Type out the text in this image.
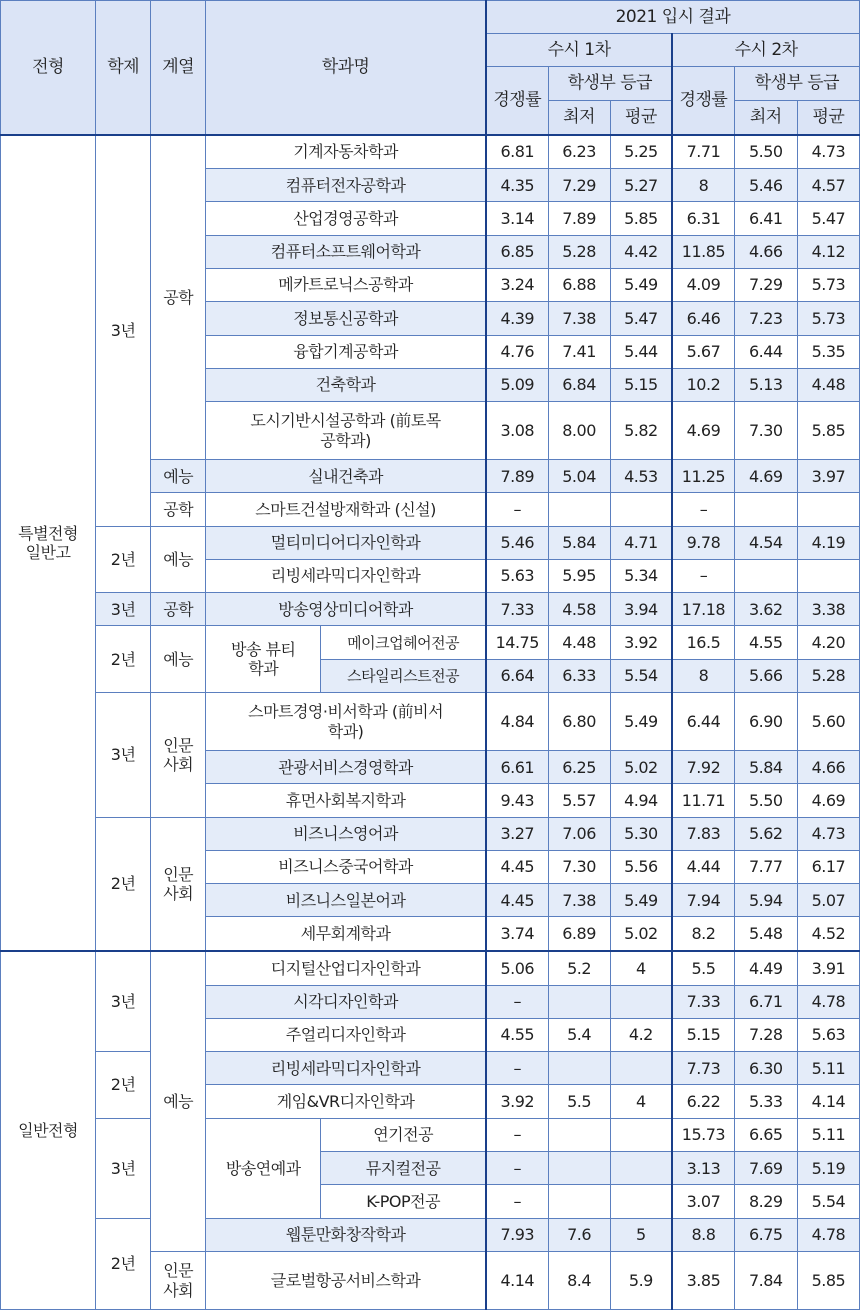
전형	학제	계열	학과명		2021 입시 결과					
					수시 1차			수시 2차		
					경쟁률	학생부 등급		경쟁률	학생부 등급	
						최저	평균		최저	평균
특별전형 일반고	3년	공학	기계자동차학과		6.81	6.23	5.25	7.71	5.50	4.73
			컴퓨터전자공학과		4.35	7.29	5.27	8	5.46	4.57
			산업경영공학과		3.14	7.89	5.85	6.31	6.41	5.47
			컴퓨터소프트웨어학과		6.85	5.28	4.42	11.85	4.66	4.12
			메카트로닉스공학과		3.24	6.88	5.49	4.09	7.29	5.73
			정보통신공학과		4.39	7.38	5.47	6.46	7.23	5.73
			융합기계공학과		4.76	7.41	5.44	5.67	6.44	5.35
			건축학과		5.09	6.84	5.15	10.2	5.13	4.48
			도시기반시설공학과 (前토목공학과)		3.08	8.00	5.82	4.69	7.30	5.85
		예능	실내건축과		7.89	5.04	4.53	11.25	4.69	3.97
		공학	스마트건설방재학과 (신설)		–			–		
	2년	예능	멀티미디어디자인학과		5.46	5.84	4.71	9.78	4.54	4.19
			리빙세라믹디자인학과		5.63	5.95	5.34	–		
	3년	공학	방송영상미디어학과		7.33	4.58	3.94	17.18	3.62	3.38
	2년	예능	방송 뷰티학과	메이크업헤어전공	14.75	4.48	3.92	16.5	4.55	4.20
				스타일리스트전공	6.64	6.33	5.54	8	5.66	5.28
	3년	인문 사회	스마트경영·비서학과 (前비서학과)		4.84	6.80	5.49	6.44	6.90	5.60
			관광서비스경영학과		6.61	6.25	5.02	7.92	5.84	4.66
			휴먼사회복지학과		9.43	5.57	4.94	11.71	5.50	4.69
	2년	인문 사회	비즈니스영어과		3.27	7.06	5.30	7.83	5.62	4.73
			비즈니스중국어학과		4.45	7.30	5.56	4.44	7.77	6.17
			비즈니스일본어과		4.45	7.38	5.49	7.94	5.94	5.07
			세무회계학과		3.74	6.89	5.02	8.2	5.48	4.52
일반전형	3년	예능	디지털산업디자인학과		5.06	5.2	4	5.5	4.49	3.91
			시각디자인학과		–			7.33	6.71	4.78
			주얼리디자인학과		4.55	5.4	4.2	5.15	7.28	5.63
	2년		리빙세라믹디자인학과		–			7.73	6.30	5.11
			게임&VR디자인학과		3.92	5.5	4	6.22	5.33	4.14
	3년		방송연예과	연기전공	–			15.73	6.65	5.11
				뮤지컬전공	–			3.13	7.69	5.19
				K-POP전공	–			3.07	8.29	5.54
	2년		웹툰만화창작학과		7.93	7.6	5	8.8	6.75	4.78
		인문 사회	글로벌항공서비스학과		4.14	8.4	5.9	3.85	7.84	5.85
